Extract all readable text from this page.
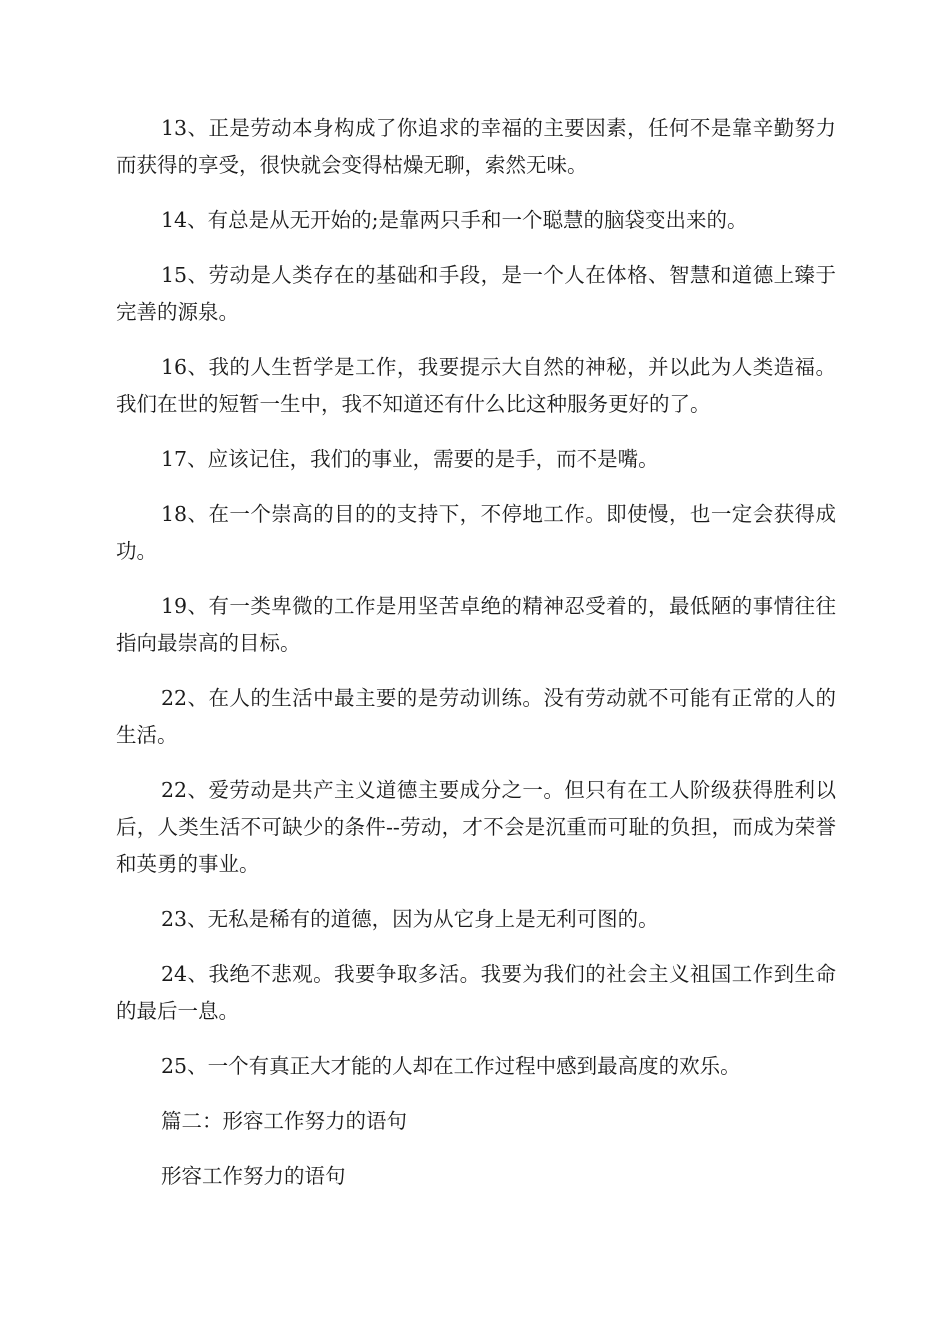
13、正是劳动本身构成了你追求的幸福的主要因素，任何不是靠辛勤努力而获得的享受，很快就会变得枯燥无聊，索然无味。

14、有总是从无开始的;是靠两只手和一个聪慧的脑袋变出来的。

15、劳动是人类存在的基础和手段，是一个人在体格、智慧和道德上臻于完善的源泉。

16、我的人生哲学是工作，我要提示大自然的神秘，并以此为人类造福。我们在世的短暂一生中，我不知道还有什么比这种服务更好的了。

17、应该记住，我们的事业，需要的是手，而不是嘴。

18、在一个崇高的目的的支持下，不停地工作。即使慢，也一定会获得成功。

19、有一类卑微的工作是用坚苦卓绝的精神忍受着的，最低陋的事情往往指向最崇高的目标。

22、在人的生活中最主要的是劳动训练。没有劳动就不可能有正常的人的生活。

22、爱劳动是共产主义道德主要成分之一。但只有在工人阶级获得胜利以后，人类生活不可缺少的条件--劳动，才不会是沉重而可耻的负担，而成为荣誉和英勇的事业。

23、无私是稀有的道德，因为从它身上是无利可图的。

24、我绝不悲观。我要争取多活。我要为我们的社会主义祖国工作到生命的最后一息。

25、一个有真正大才能的人却在工作过程中感到最高度的欢乐。

篇二：形容工作努力的语句

形容工作努力的语句
